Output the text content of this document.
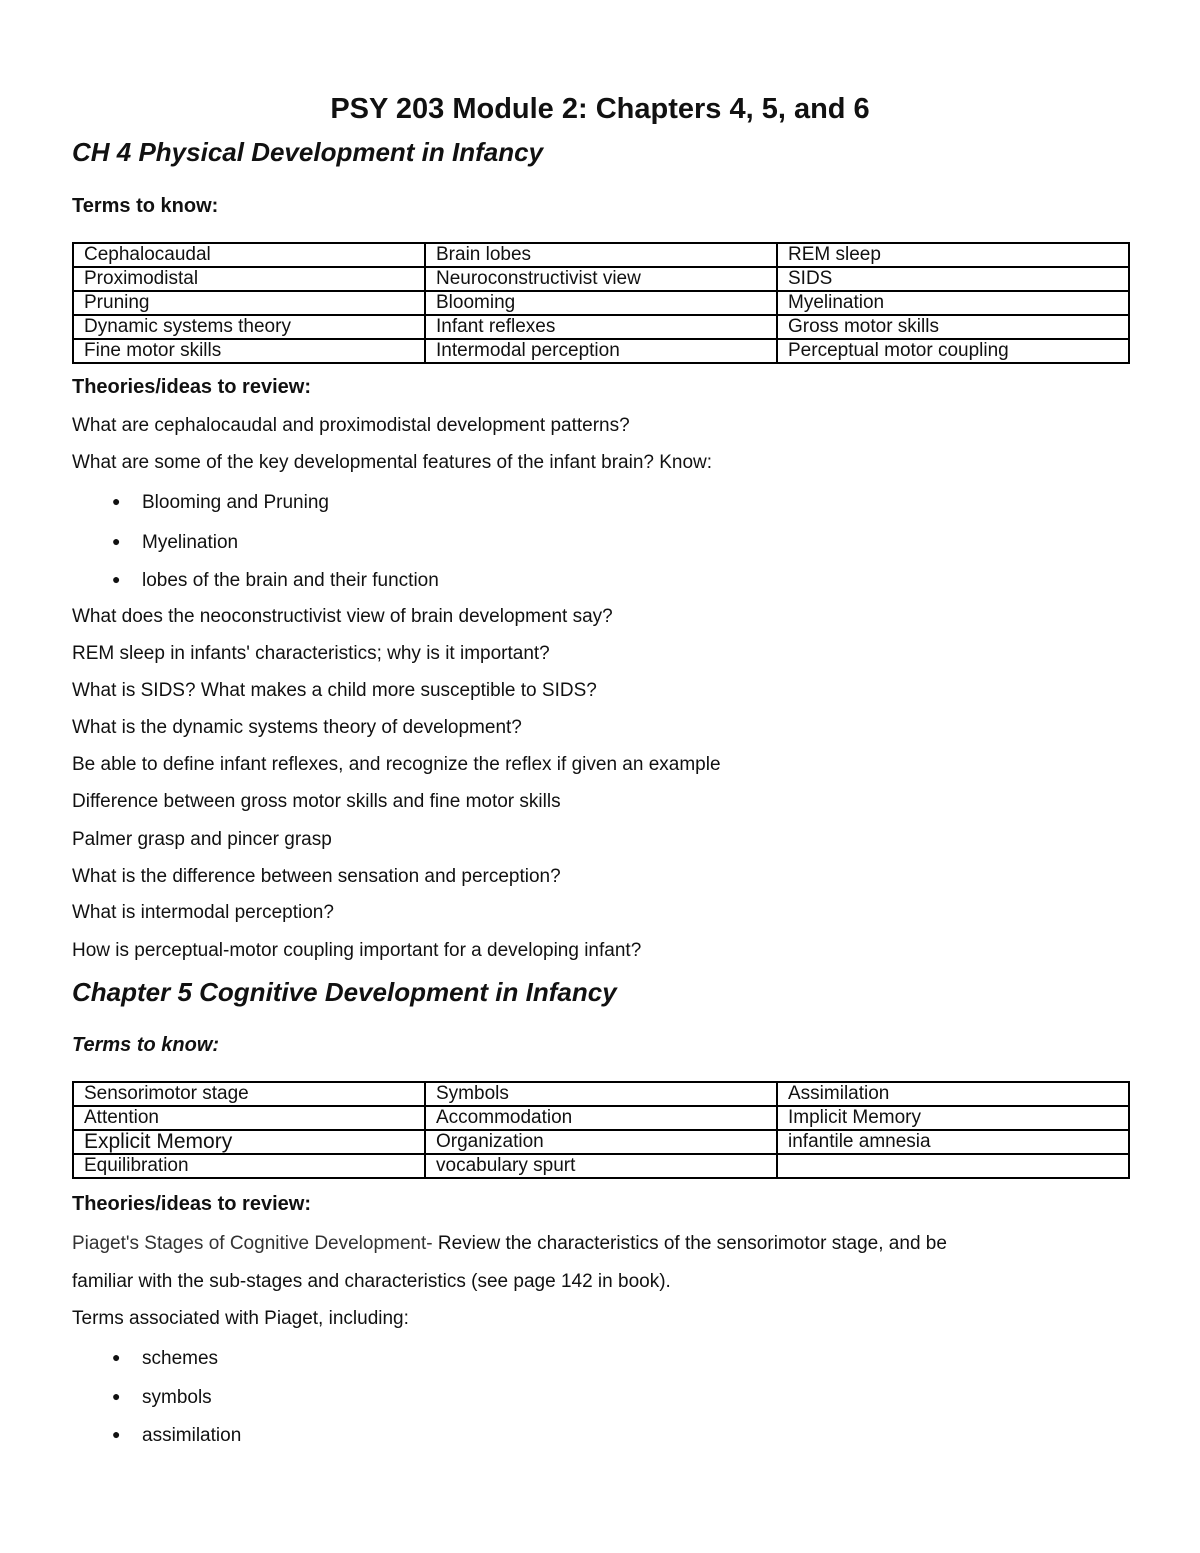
PSY 203 Module 2: Chapters 4, 5, and 6
CH 4 Physical Development in Infancy
Terms to know:
Cephalocaudal	Brain lobes	REM sleep
Proximodistal	Neuroconstructivist view	SIDS
Pruning	Blooming	Myelination
Dynamic systems theory	Infant reflexes	Gross motor skills
Fine motor skills	Intermodal perception	Perceptual motor coupling
Theories/ideas to review:

What are cephalocaudal and proximodistal development patterns?

What are some of the key developmental features of the infant brain? Know:

● Blooming and Pruning

● Myelination

● lobes of the brain and their function

What does the neoconstructivist view of brain development say?

REM sleep in infants' characteristics; why is it important?

What is SIDS? What makes a child more susceptible to SIDS?

What is the dynamic systems theory of development?

Be able to define infant reflexes, and recognize the reflex if given an example

Difference between gross motor skills and fine motor skills

Palmer grasp and pincer grasp

What is the difference between sensation and perception?

What is intermodal perception?

How is perceptual-motor coupling important for a developing infant?

Chapter 5 Cognitive Development in Infancy
Terms to know:
Sensorimotor stage	Symbols	Assimilation
Attention	Accommodation	Implicit Memory
Explicit Memory	Organization	infantile amnesia
Equilibration	vocabulary spurt	
Theories/ideas to review:

Piaget's Stages of Cognitive Development- Review the characteristics of the sensorimotor stage, and be

familiar with the sub-stages and characteristics (see page 142 in book).

Terms associated with Piaget, including:

● schemes

● symbols

● assimilation
